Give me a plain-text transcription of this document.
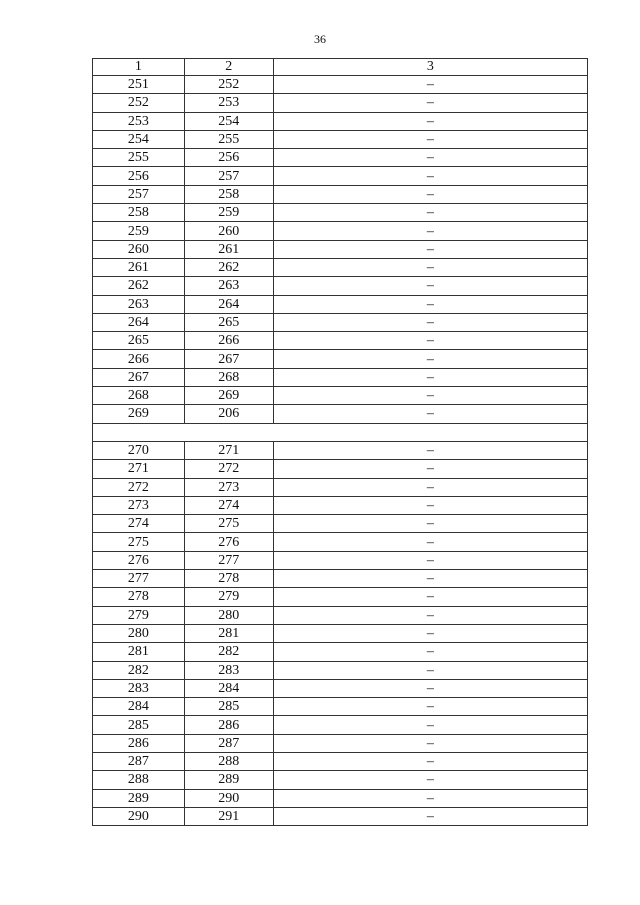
36
1	2	3
251	252	–
252	253	–
253	254	–
254	255	–
255	256	–
256	257	–
257	258	–
258	259	–
259	260	–
260	261	–
261	262	–
262	263	–
263	264	–
264	265	–
265	266	–
266	267	–
267	268	–
268	269	–
269	206	–

270	271	–
271	272	–
272	273	–
273	274	–
274	275	–
275	276	–
276	277	–
277	278	–
278	279	–
279	280	–
280	281	–
281	282	–
282	283	–
283	284	–
284	285	–
285	286	–
286	287	–
287	288	–
288	289	–
289	290	–
290	291	–
